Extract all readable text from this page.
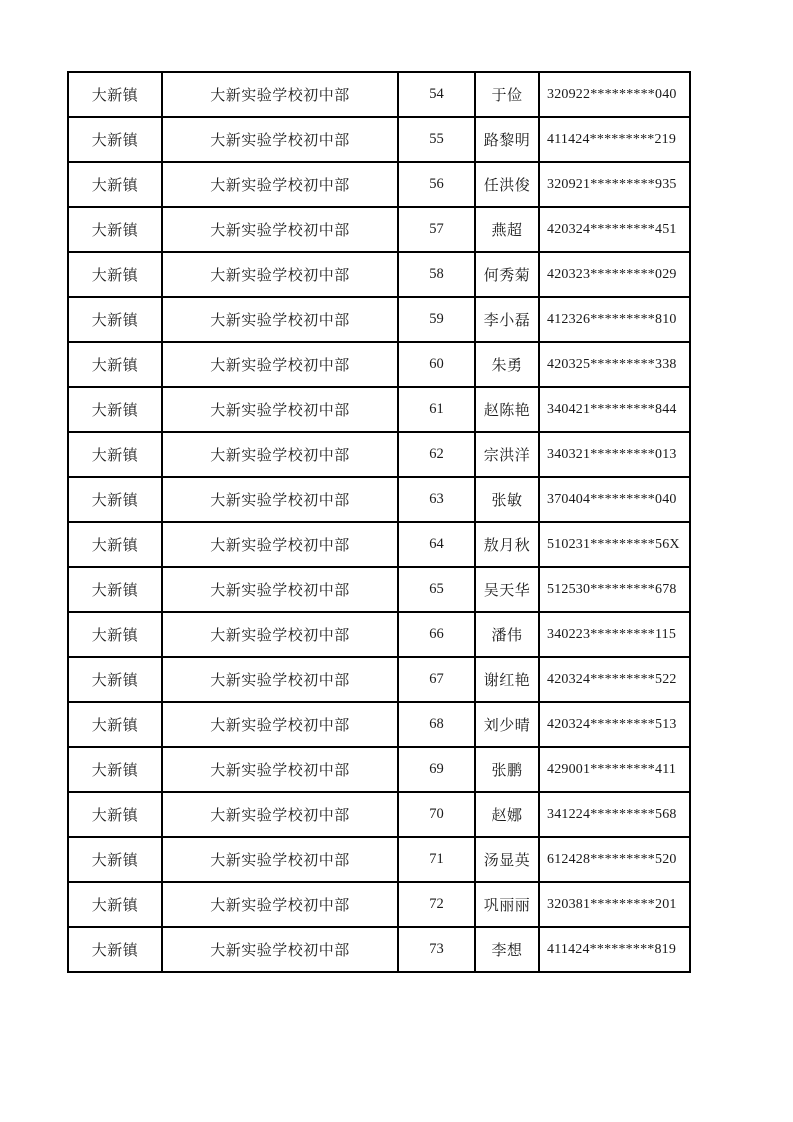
大新镇	大新实验学校初中部	54	于俭	320922*********040
大新镇	大新实验学校初中部	55	路黎明	411424*********219
大新镇	大新实验学校初中部	56	任洪俊	320921*********935
大新镇	大新实验学校初中部	57	燕超	420324*********451
大新镇	大新实验学校初中部	58	何秀菊	420323*********029
大新镇	大新实验学校初中部	59	李小磊	412326*********810
大新镇	大新实验学校初中部	60	朱勇	420325*********338
大新镇	大新实验学校初中部	61	赵陈艳	340421*********844
大新镇	大新实验学校初中部	62	宗洪洋	340321*********013
大新镇	大新实验学校初中部	63	张敏	370404*********040
大新镇	大新实验学校初中部	64	敖月秋	510231*********56X
大新镇	大新实验学校初中部	65	吴天华	512530*********678
大新镇	大新实验学校初中部	66	潘伟	340223*********115
大新镇	大新实验学校初中部	67	谢红艳	420324*********522
大新镇	大新实验学校初中部	68	刘少晴	420324*********513
大新镇	大新实验学校初中部	69	张鹏	429001*********411
大新镇	大新实验学校初中部	70	赵娜	341224*********568
大新镇	大新实验学校初中部	71	汤显英	612428*********520
大新镇	大新实验学校初中部	72	巩丽丽	320381*********201
大新镇	大新实验学校初中部	73	李想	411424*********819
